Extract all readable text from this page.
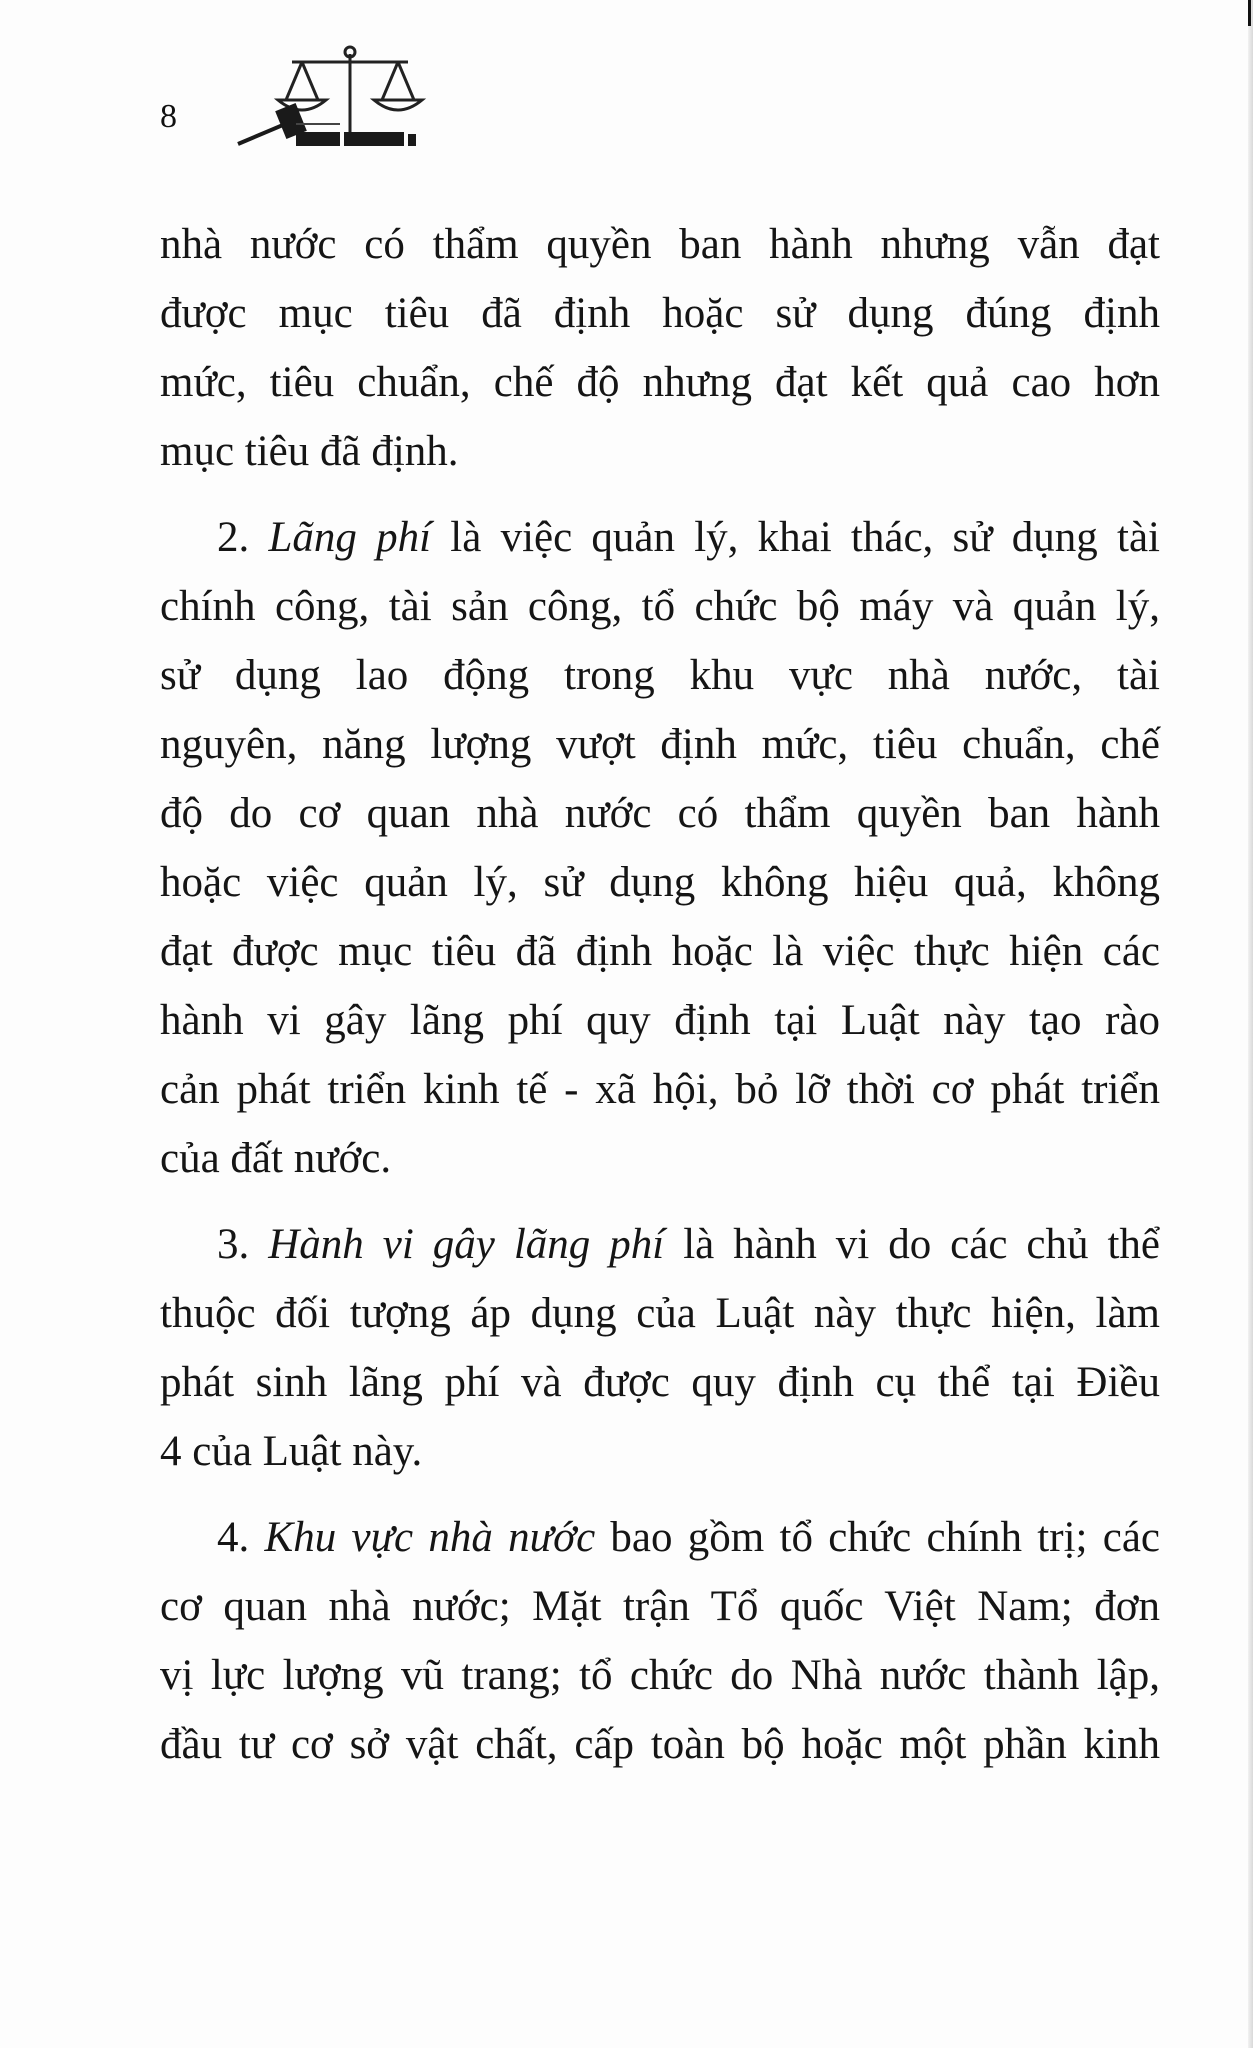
8
nhà nước có thẩm quyền ban hành nhưng vẫn đạt
được mục tiêu đã định hoặc sử dụng đúng định
mức, tiêu chuẩn, chế độ nhưng đạt kết quả cao hơn
mục tiêu đã định.
2. Lãng phí là việc quản lý, khai thác, sử dụng tài
chính công, tài sản công, tổ chức bộ máy và quản lý,
sử dụng lao động trong khu vực nhà nước, tài
nguyên, năng lượng vượt định mức, tiêu chuẩn, chế
độ do cơ quan nhà nước có thẩm quyền ban hành
hoặc việc quản lý, sử dụng không hiệu quả, không
đạt được mục tiêu đã định hoặc là việc thực hiện các
hành vi gây lãng phí quy định tại Luật này tạo rào
cản phát triển kinh tế - xã hội, bỏ lỡ thời cơ phát triển
của đất nước.
3. Hành vi gây lãng phí là hành vi do các chủ thể
thuộc đối tượng áp dụng của Luật này thực hiện, làm
phát sinh lãng phí và được quy định cụ thể tại Điều
4 của Luật này.
4. Khu vực nhà nước bao gồm tổ chức chính trị; các
cơ quan nhà nước; Mặt trận Tổ quốc Việt Nam; đơn
vị lực lượng vũ trang; tổ chức do Nhà nước thành lập,
đầu tư cơ sở vật chất, cấp toàn bộ hoặc một phần kinh
